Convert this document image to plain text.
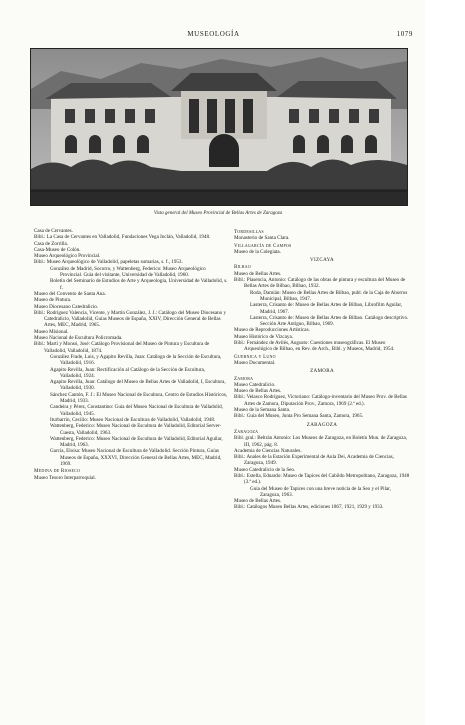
MUSEOLOGÍA	1079
Vista general del Museo Provincial de Bellas Artes de Zaragoza
Casa de Cervantes.
Bibl.: La Casa de Cervantes en Valladolid, Fundaciones Vega Inclán, Valladolid, 1948.
Casa de Zorrilla.
Casa-Museo de Colón.
Museo Arqueológico Provincial.
Bibl.: Museo Arqueológico de Valladolid, papeletas sumarias, s. f., 1953.
González de Madrid, Socorro, y Wattenberg, Federico: Museo Arqueológico Provincial. Guía del visitante, Universidad de Valladolid, 1960.
Boletín del Seminario de Estudios de Arte y Arqueología, Universidad de Valladolid, s. f.
Museo del Convento de Santa Ana.
Museo de Pintura.
Museo Diocesano Catedralicio.
Bibl.: Rodríguez Valencia, Vicente, y Martín González, J. J.: Catálogo del Museo Diocesano y Catedralicio, Valladolid, Guías Museos de España, XXIV, Dirección General de Bellas Artes, MEC, Madrid, 1965.
Museo Misional.
Museo Nacional de Escultura Policromada.
Bibl.: Martí y Monsó, José: Catálogo Provisional del Museo de Pintura y Escultura de Valladolid, Valladolid, 1874.
González Frade, Luis, y Agapito Revilla, Juan: Catálogo de la Sección de Escultura, Valladolid, 1916.
Agapito Revilla, Juan: Rectificación al Catálogo de la Sección de Escultura, Valladolid, 1924.
Agapito Revilla, Juan: Catálogo del Museo de Bellas Artes de Valladolid, I, Escultura, Valladolid, 1930.
Sánchez Cantón, F. J.: El Museo Nacional de Escultura, Centro de Estudios Históricos, Madrid, 1933.
Candeira y Pérez, Constantino: Guía del Museo Nacional de Escultura de Valladolid, Valladolid, 1945.
Iturbarrín, Cecilio: Museo Nacional de Escultura de Valladolid, Valladolid, 1948.
Wattenberg, Federico: Museo Nacional de Escultura de Valladolid, Editorial Server-Cuesta, Valladolid, 1963.
Wattenberg, Federico: Museo Nacional de Escultura de Valladolid, Editorial Aguilar, Madrid, 1963.
García, Eloísa: Museo Nacional de Escultura de Valladolid. Sección Pintura, Guías Museos de España, XXXVI, Dirección General de Bellas Artes, MEC, Madrid, 1969.
Medina de Rioseco
Museo Tesoro Interparroquial.
Tordesillas
Monasterio de Santa Clara.
Villagarcía de Campos
Museo de la Colegiata.
VIZCAYA
Bilbao
Museo de Bellas Artes.
Bibl.: Plasencia, Antonio: Catálogo de las obras de pintura y escultura del Museo de Bellas Artes de Bilbao, Bilbao, 1932.
Roda, Damián: Museo de Bellas Artes de Bilbao, publ. de la Caja de Ahorros Municipal, Bilbao, 1947.
Lasterra, Crisanto de: Museo de Bellas Artes de Bilbao, Librofilm Aguilar, Madrid, 1967.
Lasterra, Crisanto de: Museo de Bellas Artes de Bilbao. Catálogo descriptivo. Sección Arte Antiguo, Bilbao, 1969.
Museo de Reproducciones Artísticas.
Museo Histórico de Vizcaya.
Bibl.: Fernández de Avilés, Augusto: Cuestiones museográficas. El Museo Arqueológico de Bilbao, en Rev. de Arch., Bibl. y Museos, Madrid, 1954.
Guernica y Luno
Museo Documental.
ZAMORA
Zamora
Museo Catedralicio.
Museo de Bellas Artes.
Bibl.: Velasco Rodríguez, Victoriano: Catálogo-inventario del Museo Prov. de Bellas Artes de Zamora, Diputación Prov., Zamora, 1969 (2.ª ed.).
Museo de la Semana Santa.
Bibl.: Guía del Museo, Junta Pro Semana Santa, Zamora, 1965.
ZARAGOZA
Zaragoza
Bibl. gral.: Beltrán Antonio: Los Museos de Zaragoza, en Boletín Mun. de Zaragoza, III, 1962, pág. 8.
Academia de Ciencias Naturales.
Bibl.: Anales de la Estación Experimental de Aula Dei, Academia de Ciencias, Zaragoza, 1949.
Museo Catedralicio de la Seo.
Bibl.: Estella, Eduardo: Museo de Tapices del Cabildo Metropolitano, Zaragoza, 1948 (3.ª ed.).
Guía del Museo de Tapices con una breve noticia de la Seo y el Pilar, Zaragoza, 1963.
Museo de Bellas Artes.
Bibl.: Catálogos Museo Bellas Artes, ediciones 1867, 1921, 1929 y 1933.
